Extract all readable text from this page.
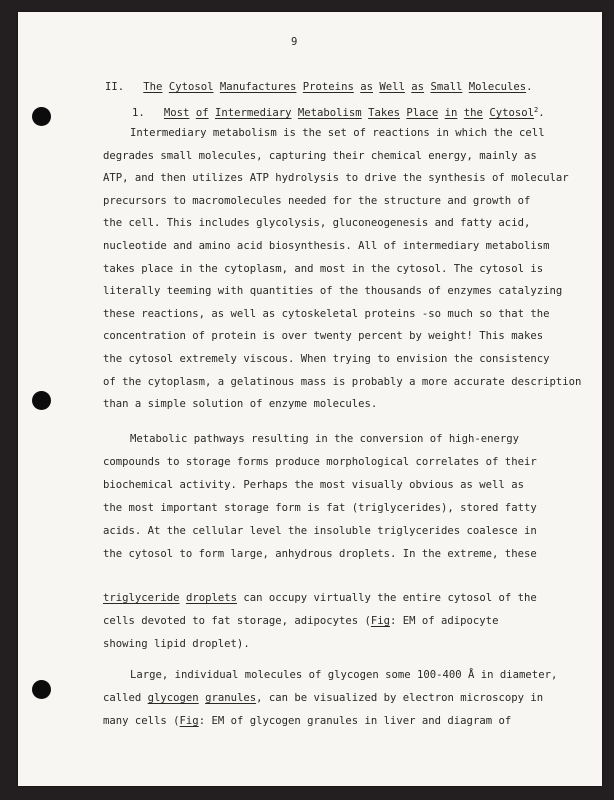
9
II. The Cytosol Manufactures Proteins as Well as Small Molecules.
1. Most of Intermediary Metabolism Takes Place in the Cytosol$^2$.
Intermediary metabolism is the set of reactions in which the cell
degrades small molecules, capturing their chemical energy, mainly as
ATP, and then utilizes ATP hydrolysis to drive the synthesis of molecular
precursors to macromolecules needed for the structure and growth of
the cell. This includes glycolysis, gluconeogenesis and fatty acid,
nucleotide and amino acid biosynthesis. All of intermediary metabolism
takes place in the cytoplasm, and most in the cytosol. The cytosol is
literally teeming with quantities of the thousands of enzymes catalyzing
these reactions, as well as cytoskeletal proteins -so much so that the
concentration of protein is over twenty percent by weight! This makes
the cytosol extremely viscous. When trying to envision the consistency
of the cytoplasm, a gelatinous mass is probably a more accurate description
than a simple solution of enzyme molecules.
Metabolic pathways resulting in the conversion of high-energy
compounds to storage forms produce morphological correlates of their
biochemical activity. Perhaps the most visually obvious as well as
the most important storage form is fat (triglycerides), stored fatty
acids. At the cellular level the insoluble triglycerides coalesce in
the cytosol to form large, anhydrous droplets. In the extreme, these
triglyceride droplets can occupy virtually the entire cytosol of the
cells devoted to fat storage, adipocytes (Fig: EM of adipocyte
showing lipid droplet).
Large, individual molecules of glycogen some 100-400 Å in diameter,
called glycogen granules, can be visualized by electron microscopy in
many cells (Fig: EM of glycogen granules in liver and diagram of
